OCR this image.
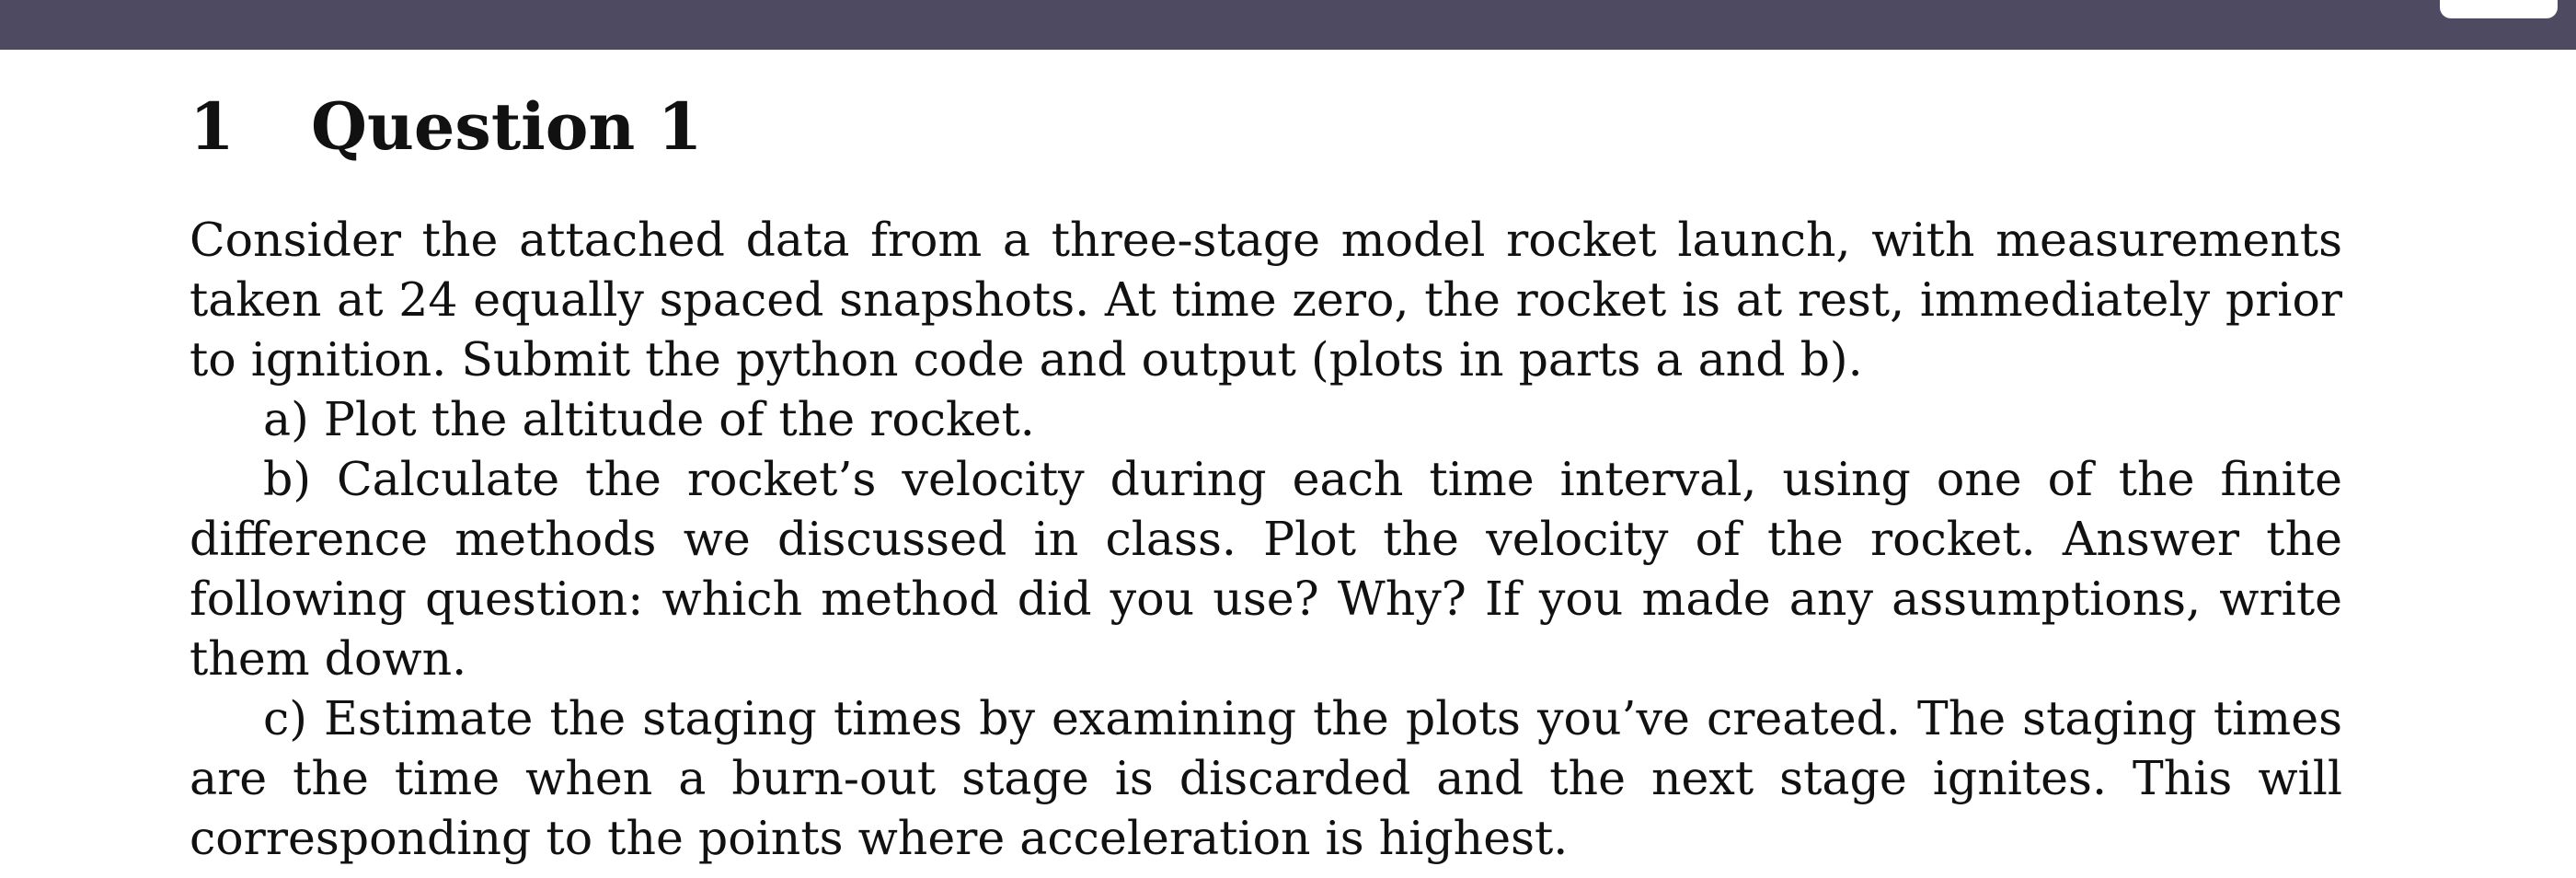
1 Question 1

Consider the attached data from a three-stage model rocket launch, with measurements taken at 24 equally spaced snapshots. At time zero, the rocket is at rest, immediately prior to ignition. Submit the python code and output (plots in parts a and b).

a) Plot the altitude of the rocket.

b) Calculate the rocket’s velocity during each time interval, using one of the finite difference methods we discussed in class. Plot the velocity of the rocket. Answer the following question: which method did you use? Why? If you made any assumptions, write them down.

c) Estimate the staging times by examining the plots you’ve created. The staging times are the time when a burn-out stage is discarded and the next stage ignites. This will corresponding to the points where acceleration is highest.
